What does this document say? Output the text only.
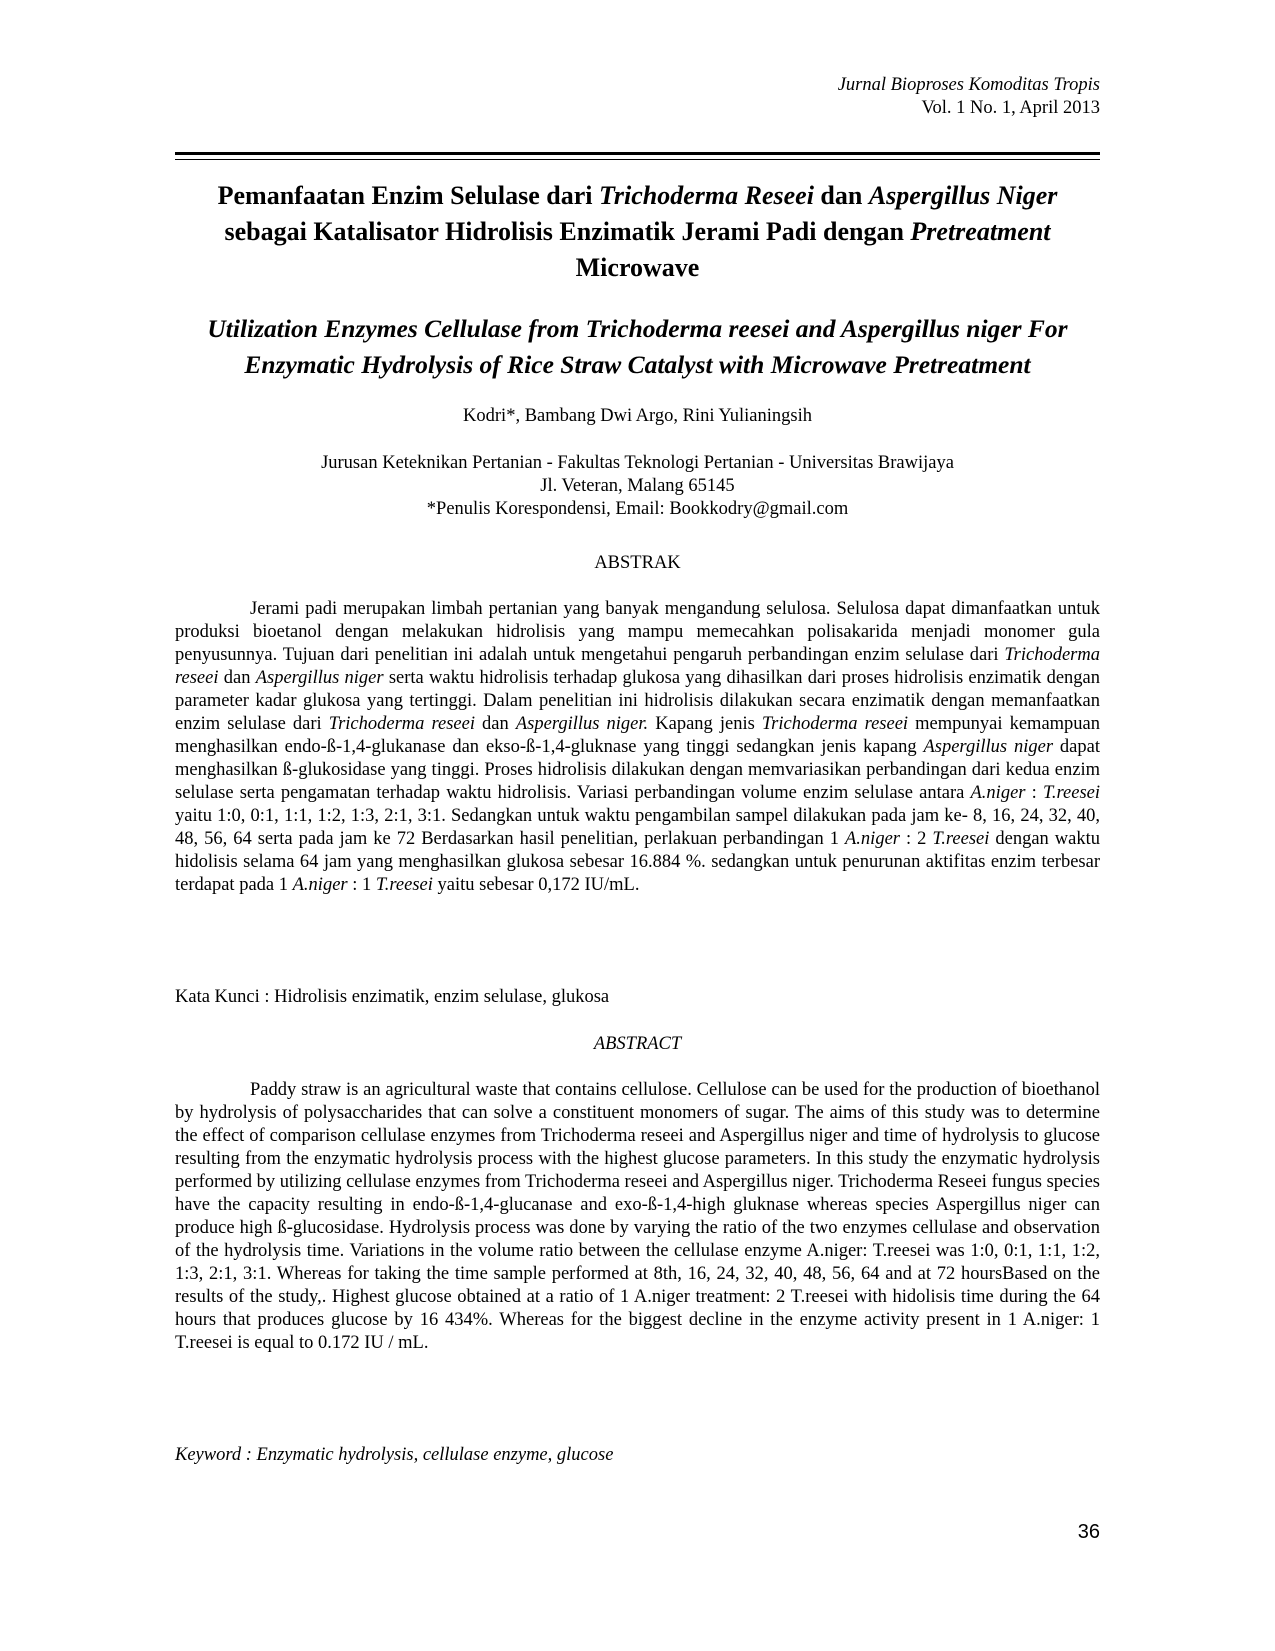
Jurnal Bioproses Komoditas Tropis
Vol. 1 No. 1, April 2013
Pemanfaatan Enzim Selulase dari Trichoderma Reseei dan Aspergillus Niger sebagai Katalisator Hidrolisis Enzimatik Jerami Padi dengan Pretreatment Microwave
Utilization Enzymes Cellulase from Trichoderma reesei and Aspergillus niger For Enzymatic Hydrolysis of Rice Straw Catalyst with Microwave Pretreatment
Kodri*, Bambang Dwi Argo, Rini Yulianingsih
Jurusan Keteknikan Pertanian - Fakultas Teknologi Pertanian - Universitas Brawijaya
Jl. Veteran, Malang 65145
*Penulis Korespondensi, Email: Bookkodry@gmail.com
ABSTRAK

Jerami padi merupakan limbah pertanian yang banyak mengandung selulosa. Selulosa dapat dimanfaatkan untuk produksi bioetanol dengan melakukan hidrolisis yang mampu memecahkan polisakarida menjadi monomer gula penyusunnya. Tujuan dari penelitian ini adalah untuk mengetahui pengaruh perbandingan enzim selulase dari Trichoderma reseei dan Aspergillus niger serta waktu hidrolisis terhadap glukosa yang dihasilkan dari proses hidrolisis enzimatik dengan parameter kadar glukosa yang tertinggi. Dalam penelitian ini hidrolisis dilakukan secara enzimatik dengan memanfaatkan enzim selulase dari Trichoderma reseei dan Aspergillus niger. Kapang jenis Trichoderma reseei mempunyai kemampuan menghasilkan endo-ß-1,4-glukanase dan ekso-ß-1,4-gluknase yang tinggi sedangkan jenis kapang Aspergillus niger dapat menghasilkan ß-glukosidase yang tinggi. Proses hidrolisis dilakukan dengan memvariasikan perbandingan dari kedua enzim selulase serta pengamatan terhadap waktu hidrolisis. Variasi perbandingan volume enzim selulase antara A.niger : T.reesei yaitu 1:0, 0:1, 1:1, 1:2, 1:3, 2:1, 3:1. Sedangkan untuk waktu pengambilan sampel dilakukan pada jam ke- 8, 16, 24, 32, 40, 48, 56, 64 serta pada jam ke 72 Berdasarkan hasil penelitian, perlakuan perbandingan 1 A.niger : 2 T.reesei dengan waktu hidolisis selama 64 jam yang menghasilkan glukosa sebesar 16.884 %. sedangkan untuk penurunan aktifitas enzim terbesar terdapat pada 1 A.niger : 1 T.reesei yaitu sebesar 0,172 IU/mL.

Kata Kunci : Hidrolisis enzimatik, enzim selulase, glukosa
ABSTRACT

Paddy straw is an agricultural waste that contains cellulose. Cellulose can be used for the production of bioethanol by hydrolysis of polysaccharides that can solve a constituent monomers of sugar. The aims of this study was to determine the effect of comparison cellulase enzymes from Trichoderma reseei and Aspergillus niger and time of hydrolysis to glucose resulting from the enzymatic hydrolysis process with the highest glucose parameters. In this study the enzymatic hydrolysis performed by utilizing cellulase enzymes from Trichoderma reseei and Aspergillus niger. Trichoderma Reseei fungus species have the capacity resulting in endo-ß-1,4-glucanase and exo-ß-1,4-high gluknase whereas species Aspergillus niger can produce high ß-glucosidase. Hydrolysis process was done by varying the ratio of the two enzymes cellulase and observation of the hydrolysis time. Variations in the volume ratio between the cellulase enzyme A.niger: T.reesei was 1:0, 0:1, 1:1, 1:2, 1:3, 2:1, 3:1. Whereas for taking the time sample performed at 8th, 16, 24, 32, 40, 48, 56, 64 and at 72 hoursBased on the results of the study,. Highest glucose obtained at a ratio of 1 A.niger treatment: 2 T.reesei with hidolisis time during the 64 hours that produces glucose by 16 434%. Whereas for the biggest decline in the enzyme activity present in 1 A.niger: 1 T.reesei is equal to 0.172 IU / mL.

Keyword : Enzymatic hydrolysis, cellulase enzyme, glucose
36
